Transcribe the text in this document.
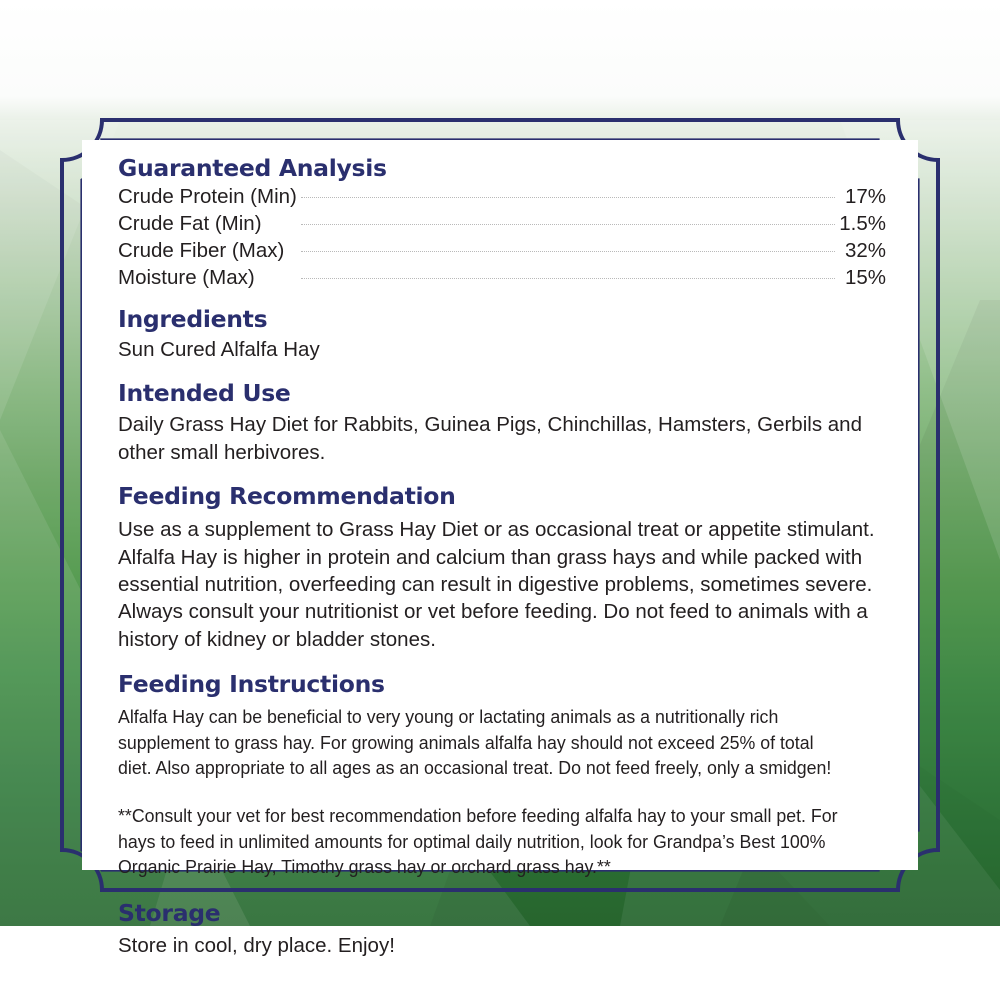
Guaranteed Analysis
Crude Protein (Min)		17%
Crude Fat (Min)		1.5%
Crude Fiber (Max)		32%
Moisture (Max)		15%
Ingredients

Sun Cured Alfalfa Hay

Intended Use

Daily Grass Hay Diet for Rabbits, Guinea Pigs, Chinchillas, Hamsters, Gerbils and other small herbivores.

Feeding Recommendation

Use as a supplement to Grass Hay Diet or as occasional treat or appetite stimulant. Alfalfa Hay is higher in protein and calcium than grass hays and while packed with essential nutrition, overfeeding can result in digestive problems, sometimes severe. Always consult your nutritionist or vet before feeding. Do not feed to animals with a history of kidney or bladder stones.

Feeding Instructions

Alfalfa Hay can be beneficial to very young or lactating animals as a nutritionally rich supplement to grass hay. For growing animals alfalfa hay should not exceed 25% of total diet. Also appropriate to all ages as an occasional treat. Do not feed freely, only a smidgen!

**Consult your vet for best recommendation before feeding alfalfa hay to your small pet. For hays to feed in unlimited amounts for optimal daily nutrition, look for Grandpa’s Best 100% Organic Prairie Hay, Timothy grass hay or orchard grass hay.**

Storage

Store in cool, dry place. Enjoy!
